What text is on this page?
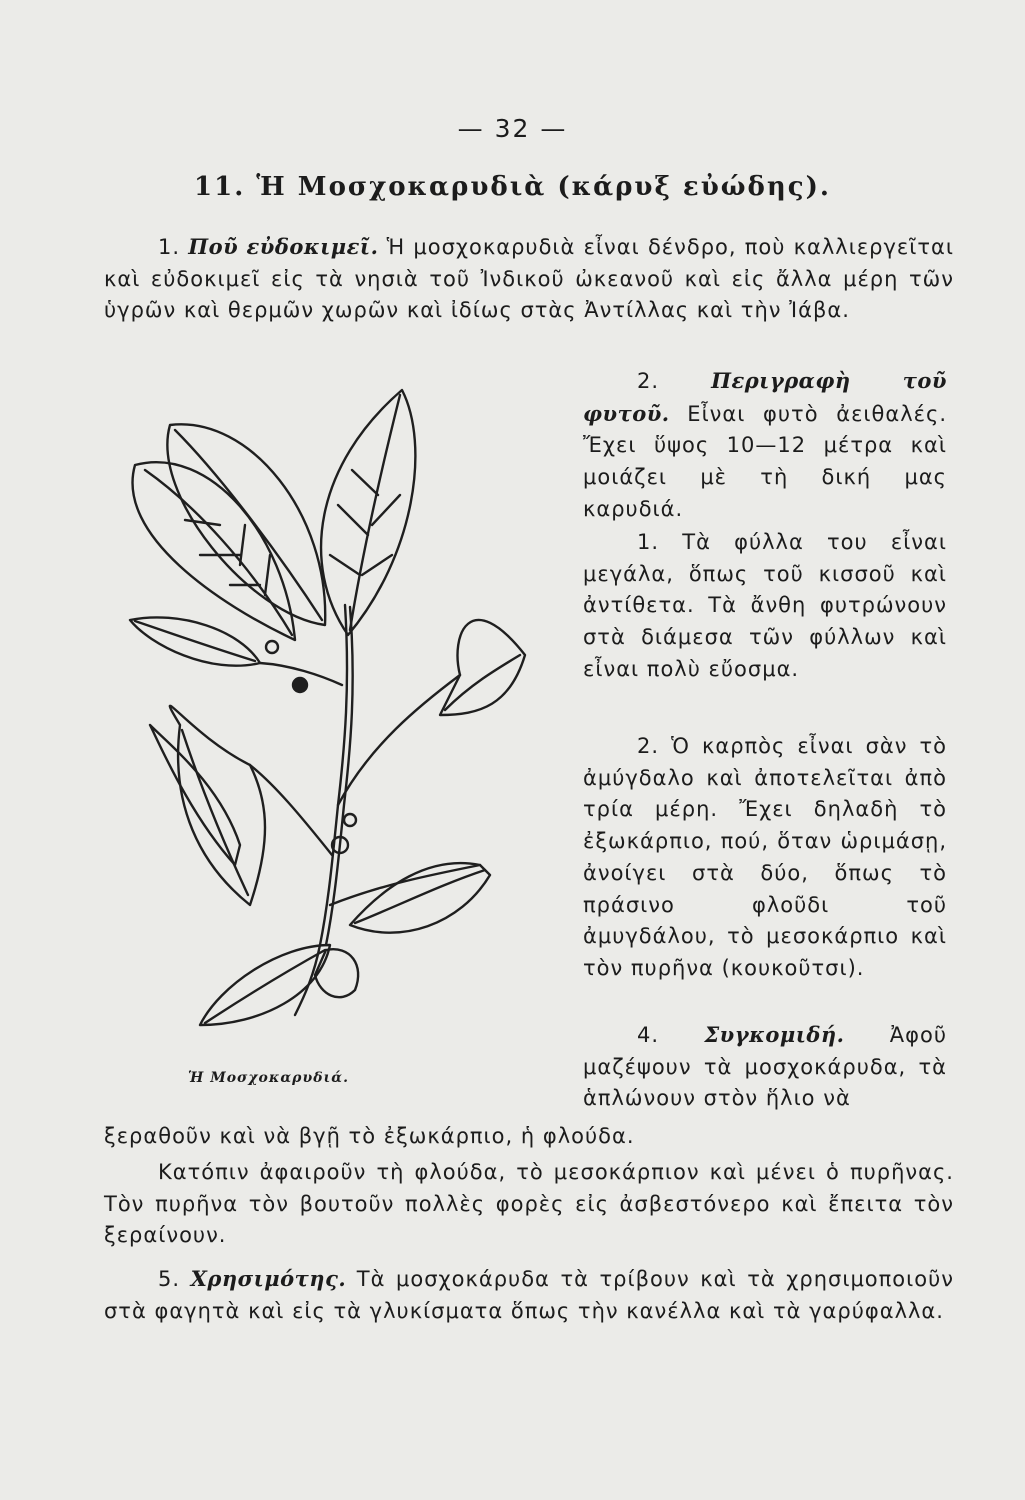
— 32 —
11. Ἡ Μοσχοκαρυδιὰ (κάρυξ εὐώδης).

1. Ποῦ εὐδοκιμεῖ. Ἡ μοσχοκαρυδιὰ εἶναι δένδρο, ποὺ καλλιεργεῖται καὶ εὐδοκιμεῖ εἰς τὰ νησιὰ τοῦ Ἰνδικοῦ ὠκεανοῦ καὶ εἰς ἄλλα μέρη τῶν ὑγρῶν καὶ θερμῶν χωρῶν καὶ ἰδίως στὰς Ἀντίλλας καὶ τὴν Ἰάβα.

2. Περιγραφὴ τοῦ φυτοῦ. Εἶναι φυτὸ ἀειθαλές. Ἔχει ὕψος 10—12 μέτρα καὶ μοιάζει μὲ τὴ δική μας καρυδιά.

1. Τὰ φύλλα του εἶναι μεγάλα, ὅπως τοῦ κισσοῦ καὶ ἀντίθετα. Τὰ ἄνθη φυτρώνουν στὰ διάμεσα τῶν φύλλων καὶ εἶναι πολὺ εὔοσμα.

2. Ὁ καρπὸς εἶναι σὰν τὸ ἀμύγδαλο καὶ ἀποτελεῖται ἀπὸ τρία μέρη. Ἔχει δηλαδὴ τὸ ἐξωκάρπιο, πού, ὅταν ὡριμάσῃ, ἀνοίγει στὰ δύο, ὅπως τὸ πράσινο φλοῦδι τοῦ ἀμυγδάλου, τὸ μεσοκάρπιο καὶ τὸν πυρῆνα (κουκοῦτσι).

4. Συγκομιδή. Ἀφοῦ μαζέψουν τὰ μοσχοκάρυδα, τὰ ἁπλώνουν στὸν ἥλιο νὰ

ξεραθοῦν καὶ νὰ βγῇ τὸ ἐξωκάρπιο, ἡ φλούδα.

Κατόπιν ἀφαιροῦν τὴ φλούδα, τὸ μεσοκάρπιον καὶ μένει ὁ πυρῆνας. Τὸν πυρῆνα τὸν βουτοῦν πολλὲς φορὲς εἰς ἀσβεστόνερο καὶ ἔπειτα τὸν ξεραίνουν.

5. Χρησιμότης. Τὰ μοσχοκάρυδα τὰ τρίβουν καὶ τὰ χρησιμοποιοῦν στὰ φαγητὰ καὶ εἰς τὰ γλυκίσματα ὅπως τὴν κανέλλα καὶ τὰ γαρύφαλλα.

Ἡ Μοσχοκαρυδιά.
